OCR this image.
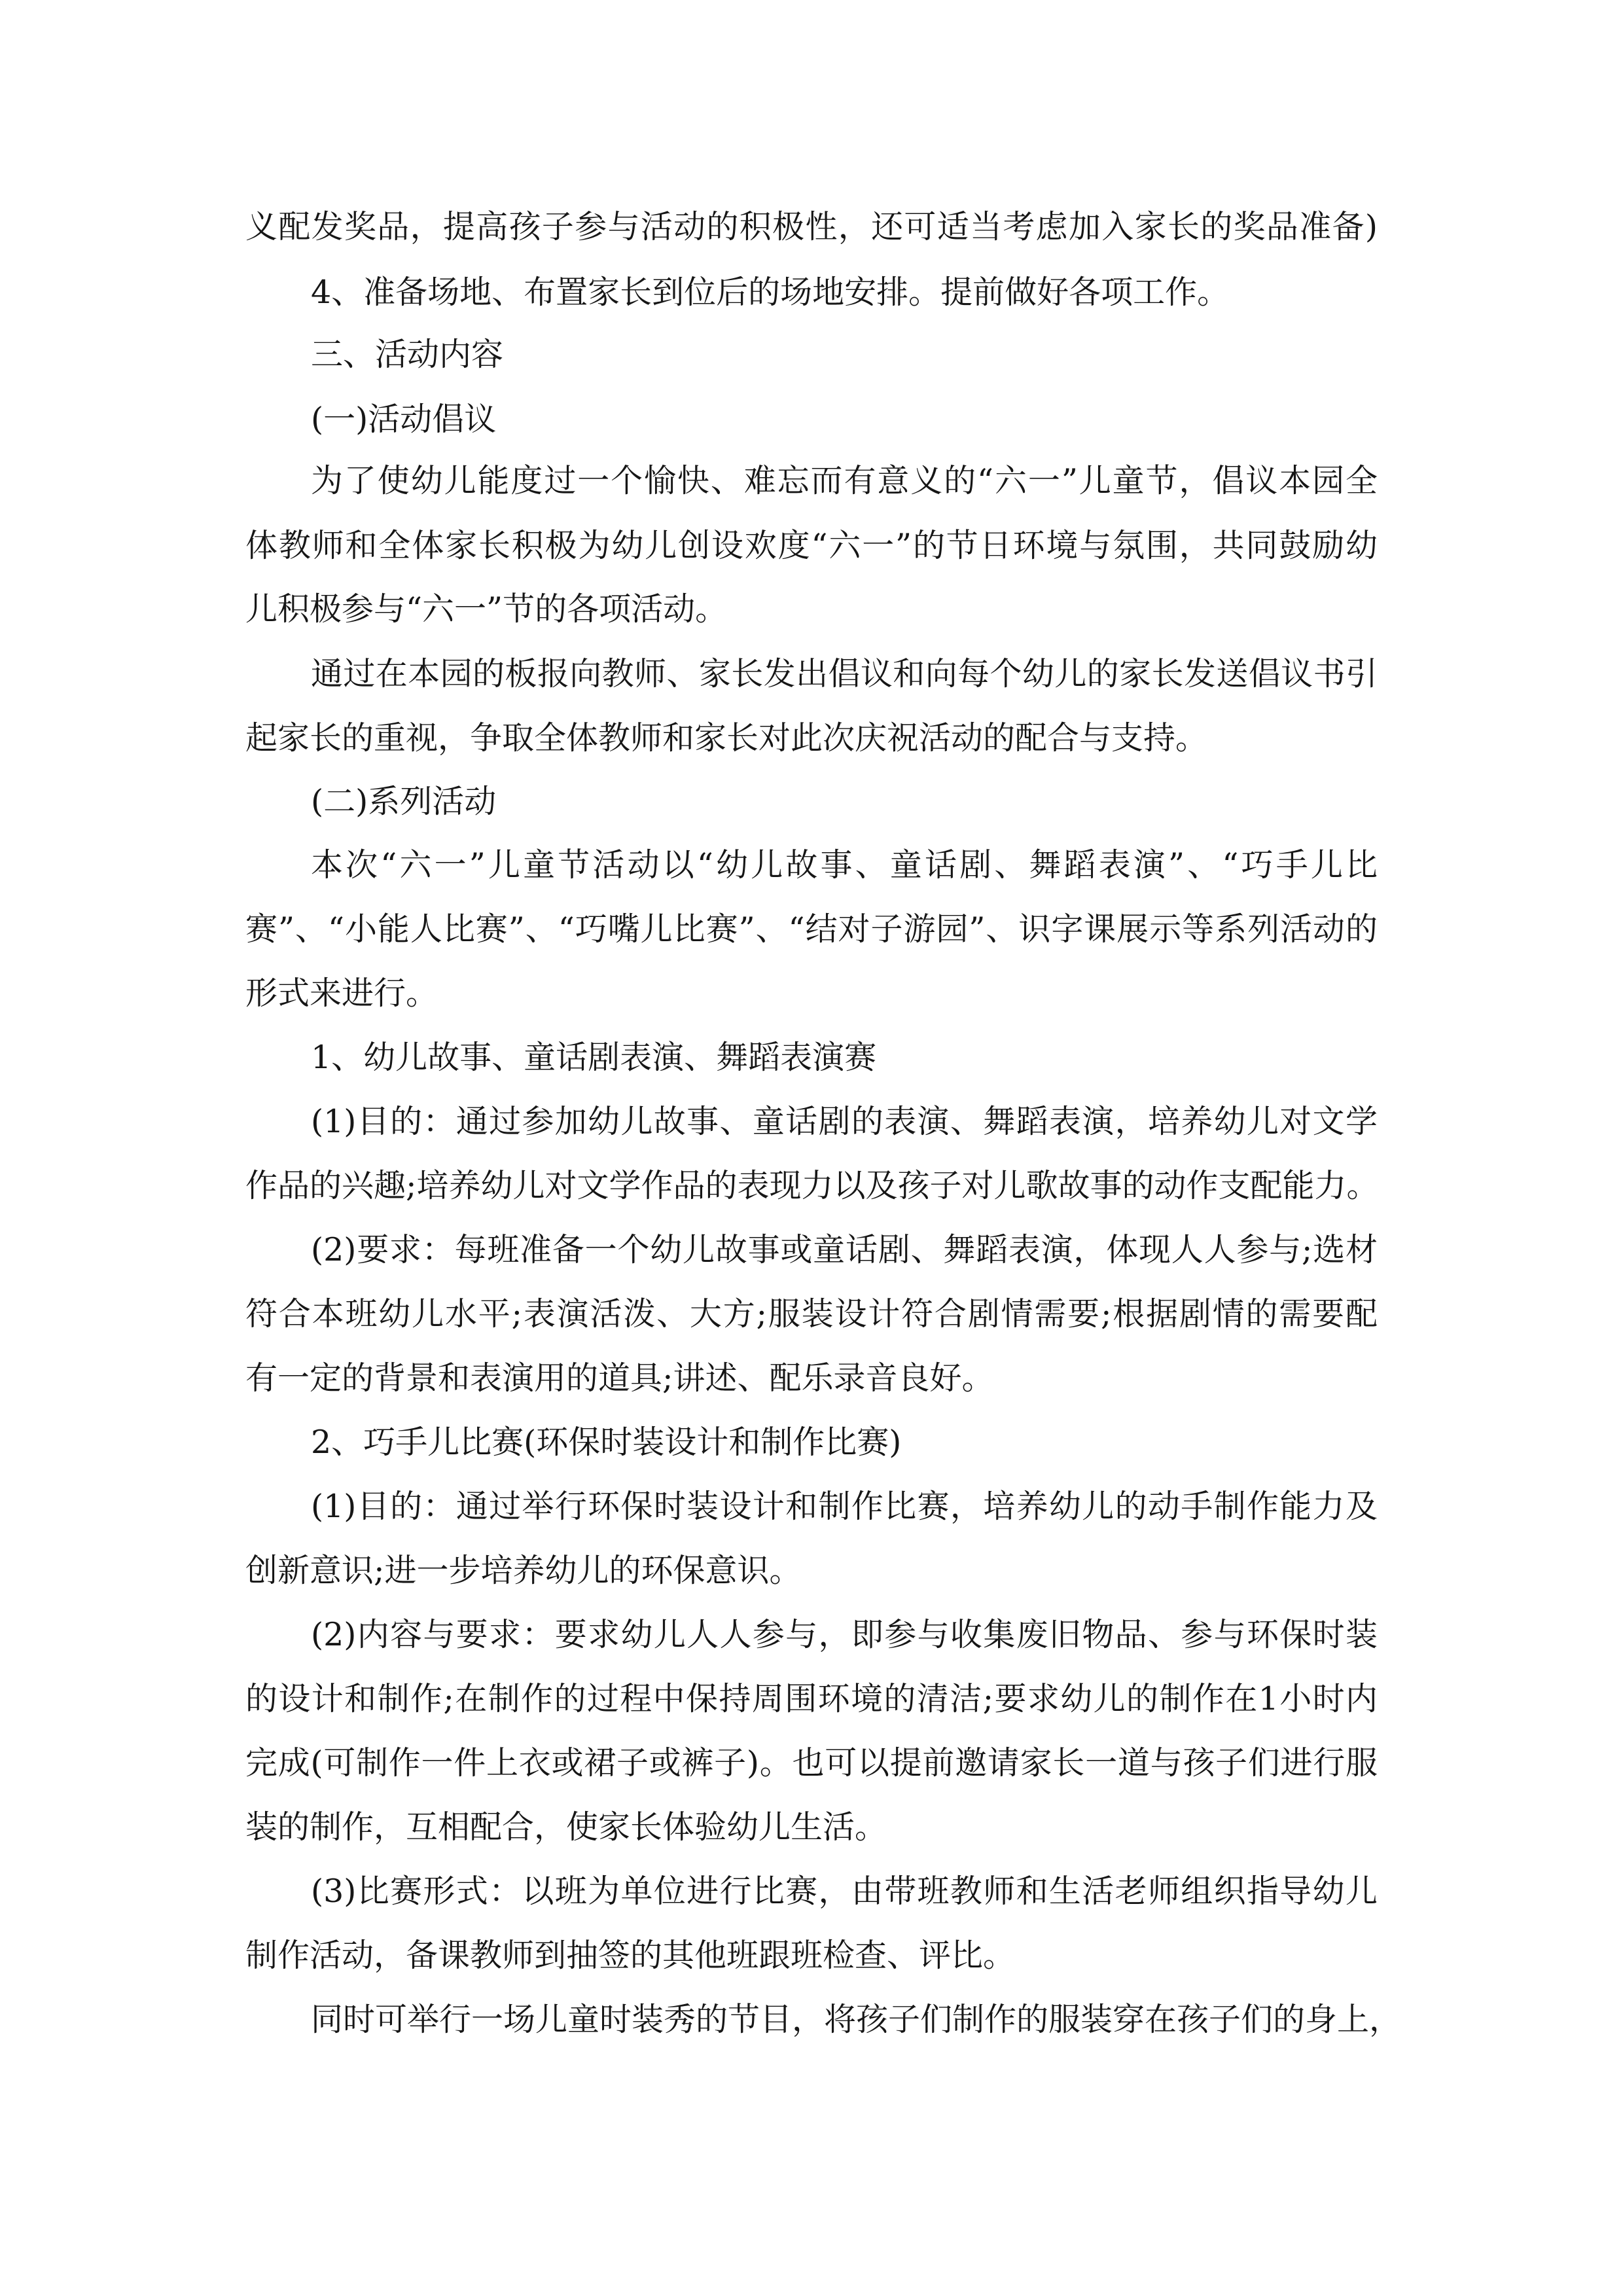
义配发奖品，提高孩子参与活动的积极性，还可适当考虑加入家长的奖品准备)
4、准备场地、布置家长到位后的场地安排。提前做好各项工作。
三、活动内容
(一)活动倡议
为了使幼儿能度过一个愉快、难忘而有意义的“六一”儿童节，倡议本园全
体教师和全体家长积极为幼儿创设欢度“六一”的节日环境与氛围，共同鼓励幼
儿积极参与“六一”节的各项活动。
通过在本园的板报向教师、家长发出倡议和向每个幼儿的家长发送倡议书引
起家长的重视，争取全体教师和家长对此次庆祝活动的配合与支持。
(二)系列活动
本次“六一”儿童节活动以“幼儿故事、童话剧、舞蹈表演”、“巧手儿比
赛”、“小能人比赛”、“巧嘴儿比赛”、“结对子游园”、识字课展示等系列活动的
形式来进行。
1、幼儿故事、童话剧表演、舞蹈表演赛
(1)目的：通过参加幼儿故事、童话剧的表演、舞蹈表演，培养幼儿对文学
作品的兴趣;培养幼儿对文学作品的表现力以及孩子对儿歌故事的动作支配能力。
(2)要求：每班准备一个幼儿故事或童话剧、舞蹈表演，体现人人参与;选材
符合本班幼儿水平;表演活泼、大方;服装设计符合剧情需要;根据剧情的需要配
有一定的背景和表演用的道具;讲述、配乐录音良好。
2、巧手儿比赛(环保时装设计和制作比赛)
(1)目的：通过举行环保时装设计和制作比赛，培养幼儿的动手制作能力及
创新意识;进一步培养幼儿的环保意识。
(2)内容与要求：要求幼儿人人参与，即参与收集废旧物品、参与环保时装
的设计和制作;在制作的过程中保持周围环境的清洁;要求幼儿的制作在1小时内
完成(可制作一件上衣或裙子或裤子)。也可以提前邀请家长一道与孩子们进行服
装的制作，互相配合，使家长体验幼儿生活。
(3)比赛形式：以班为单位进行比赛，由带班教师和生活老师组织指导幼儿
制作活动，备课教师到抽签的其他班跟班检查、评比。
同时可举行一场儿童时装秀的节目，将孩子们制作的服装穿在孩子们的身上，
